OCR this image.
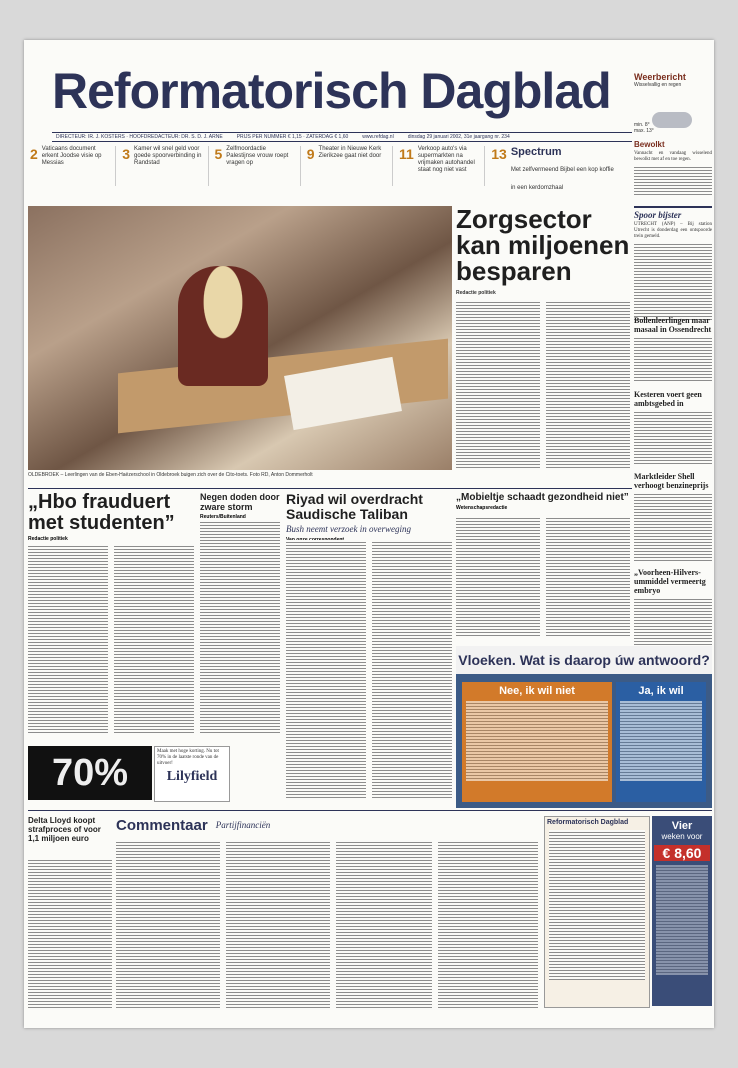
Reformatorisch Dagblad	Weerbericht
Wisselvallig en regen
min. 8°
max. 13°
DIRECTEUR: IR. J. KOSTERS · HOOFDREDACTEUR: DR. S. D. J. ARNE	PRIJS PER NUMMER € 1,15 · ZATERDAG € 1,60	www.refdag.nl	dinsdag 29 januari 2002, 31e jaargang nr. 234
2 Vaticaans document erkent Joodse visie op Messias
3 Kamer wil snel geld voor goede spoorverbinding in Randstad
5 Zelfmoordactie Palestijnse vrouw roept vragen op
9 Theater in Nieuwe Kerk Zierikzee gaat niet door	11 Verkoop auto's via supermarkten na vrijmaken autohandel staat nog niet vast
13 Spectrum
Met zelfvermeend Bijbel een kop koffie in een kerdomzhaal
Bewolkt

Vannacht en vandaag wisselend bewolkt met af en toe regen.

Spoor bijster

UTRECHT (ANP) – Bij station Utrecht is donderdag een ontspoorde trein gemeld.

Bollenleerlingen maar masaal in Ossendrecht
Kesteren voert geen ambtsgebed in
Marktleider Shell verhoogt benzineprijs
„Voorheen-Hilvers-ummiddel vermeertg embryo
OLDEBROEK – Leerlingen van de Eben-Haëzerschool in Oldebroek buigen zich over de Cito-toets. Foto RD, Anton Dommerholt
Zorgsector kan miljoenen besparen
Redactie politiek
„Hbo frauduert met studenten”
Redactie politiek
Negen doden door zware storm
Reuters/Buitenland
Riyad wil overdracht Saudische Taliban
Bush neemt verzoek in overweging
„Mobieltje schaadt gezondheid niet”
Wetenschapsredactie
Vloeken. Wat is daarop úw antwoord?
Nee, ik wil niet	Ja, ik wil
70%	Maak met hoge korting. Nu tot 70% in de laatste ronde van de uitvoer!
Lilyfield
Delta Lloyd koopt strafproces of voor 1,1 miljoen euro
Commentaar Partijfinanciën	Reformatorisch Dagblad	Vier
weken voor
€ 8,60
